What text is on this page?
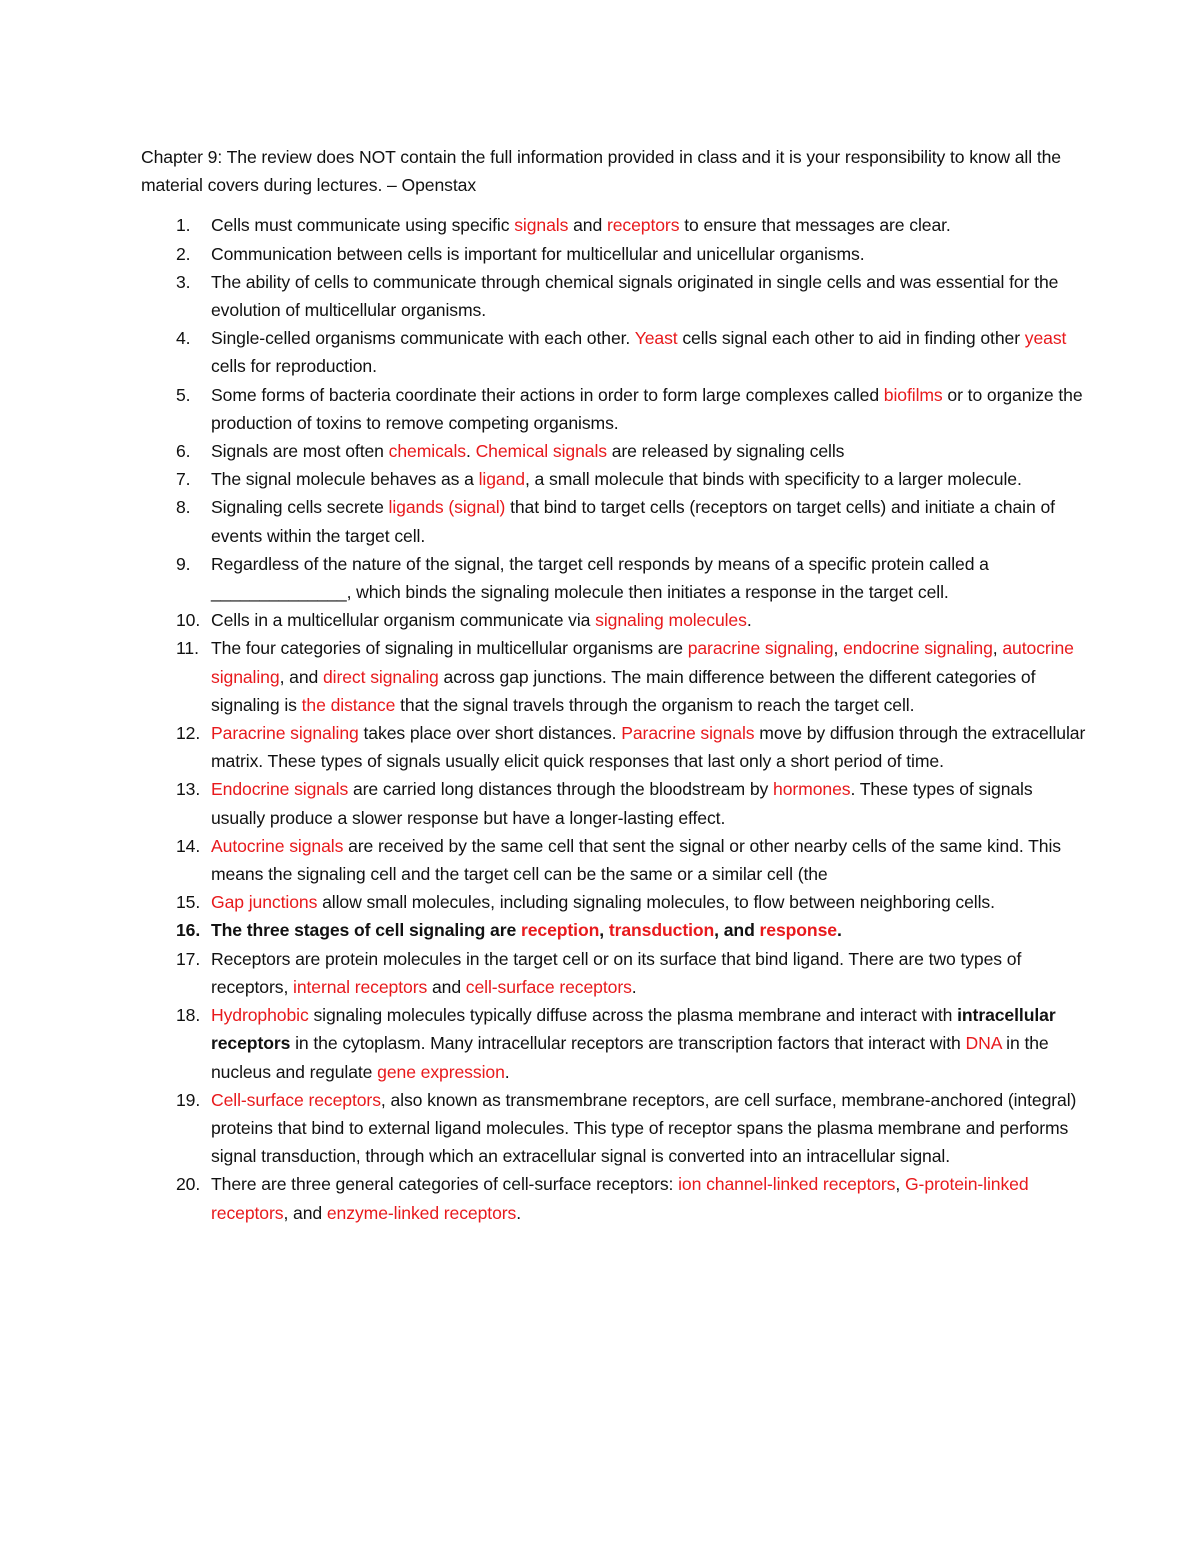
Chapter 9: The review does NOT contain the full information provided in class and it is your responsibility to know all the material covers during lectures. – Openstax

1. Cells must communicate using specific signals and receptors to ensure that messages are clear.
2. Communication between cells is important for multicellular and unicellular organisms.
3. The ability of cells to communicate through chemical signals originated in single cells and was essential for the evolution of multicellular organisms.
4. Single-celled organisms communicate with each other. Yeast cells signal each other to aid in finding other yeast cells for reproduction.
5. Some forms of bacteria coordinate their actions in order to form large complexes called biofilms or to organize the production of toxins to remove competing organisms.
6. Signals are most often chemicals. Chemical signals are released by signaling cells
7. The signal molecule behaves as a ligand, a small molecule that binds with specificity to a larger molecule.
8. Signaling cells secrete ligands (signal) that bind to target cells (receptors on target cells) and initiate a chain of events within the target cell.
9. Regardless of the nature of the signal, the target cell responds by means of a specific protein called a ______________, which binds the signaling molecule then initiates a response in the target cell.
10. Cells in a multicellular organism communicate via signaling molecules.
11. The four categories of signaling in multicellular organisms are paracrine signaling, endocrine signaling, autocrine signaling, and direct signaling across gap junctions. The main difference between the different categories of signaling is the distance that the signal travels through the organism to reach the target cell.
12. Paracrine signaling takes place over short distances. Paracrine signals move by diffusion through the extracellular matrix. These types of signals usually elicit quick responses that last only a short period of time.
13. Endocrine signals are carried long distances through the bloodstream by hormones. These types of signals usually produce a slower response but have a longer-lasting effect.
14. Autocrine signals are received by the same cell that sent the signal or other nearby cells of the same kind. This means the signaling cell and the target cell can be the same or a similar cell (the
15. Gap junctions allow small molecules, including signaling molecules, to flow between neighboring cells.
16. The three stages of cell signaling are reception, transduction, and response.
17. Receptors are protein molecules in the target cell or on its surface that bind ligand. There are two types of receptors, internal receptors and cell-surface receptors.
18. Hydrophobic signaling molecules typically diffuse across the plasma membrane and interact with intracellular receptors in the cytoplasm. Many intracellular receptors are transcription factors that interact with DNA in the nucleus and regulate gene expression.
19. Cell-surface receptors, also known as transmembrane receptors, are cell surface, membrane-anchored (integral) proteins that bind to external ligand molecules. This type of receptor spans the plasma membrane and performs signal transduction, through which an extracellular signal is converted into an intracellular signal.
20. There are three general categories of cell-surface receptors: ion channel-linked receptors, G-protein-linked receptors, and enzyme-linked receptors.
